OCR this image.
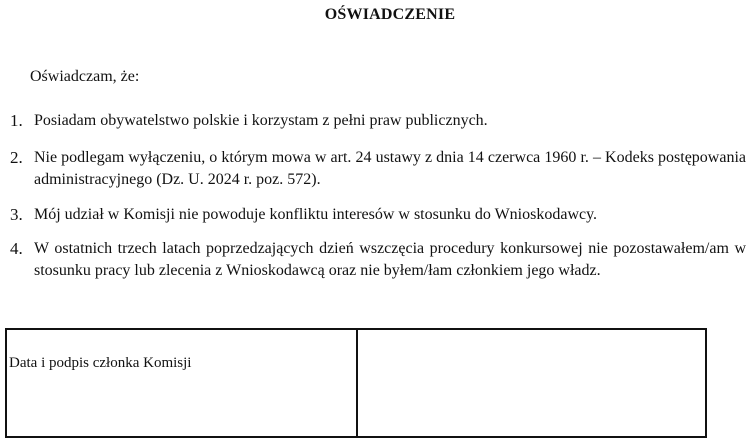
OŚWIADCZENIE
Oświadczam, że:
1. Posiadam obywatelstwo polskie i korzystam z pełni praw publicznych.
2. Nie podlegam wyłączeniu, o którym mowa w art. 24 ustawy z dnia 14 czerwca 1960 r. – Kodeks postępowania administracyjnego (Dz. U. 2024 r. poz. 572).
3. Mój udział w Komisji nie powoduje konfliktu interesów w stosunku do Wnioskodawcy.
4. W ostatnich trzech latach poprzedzających dzień wszczęcia procedury konkursowej nie pozostawałem/am w stosunku pracy lub zlecenia z Wnioskodawcą oraz nie byłem/łam członkiem jego władz.
Data i podpis członka Komisji
